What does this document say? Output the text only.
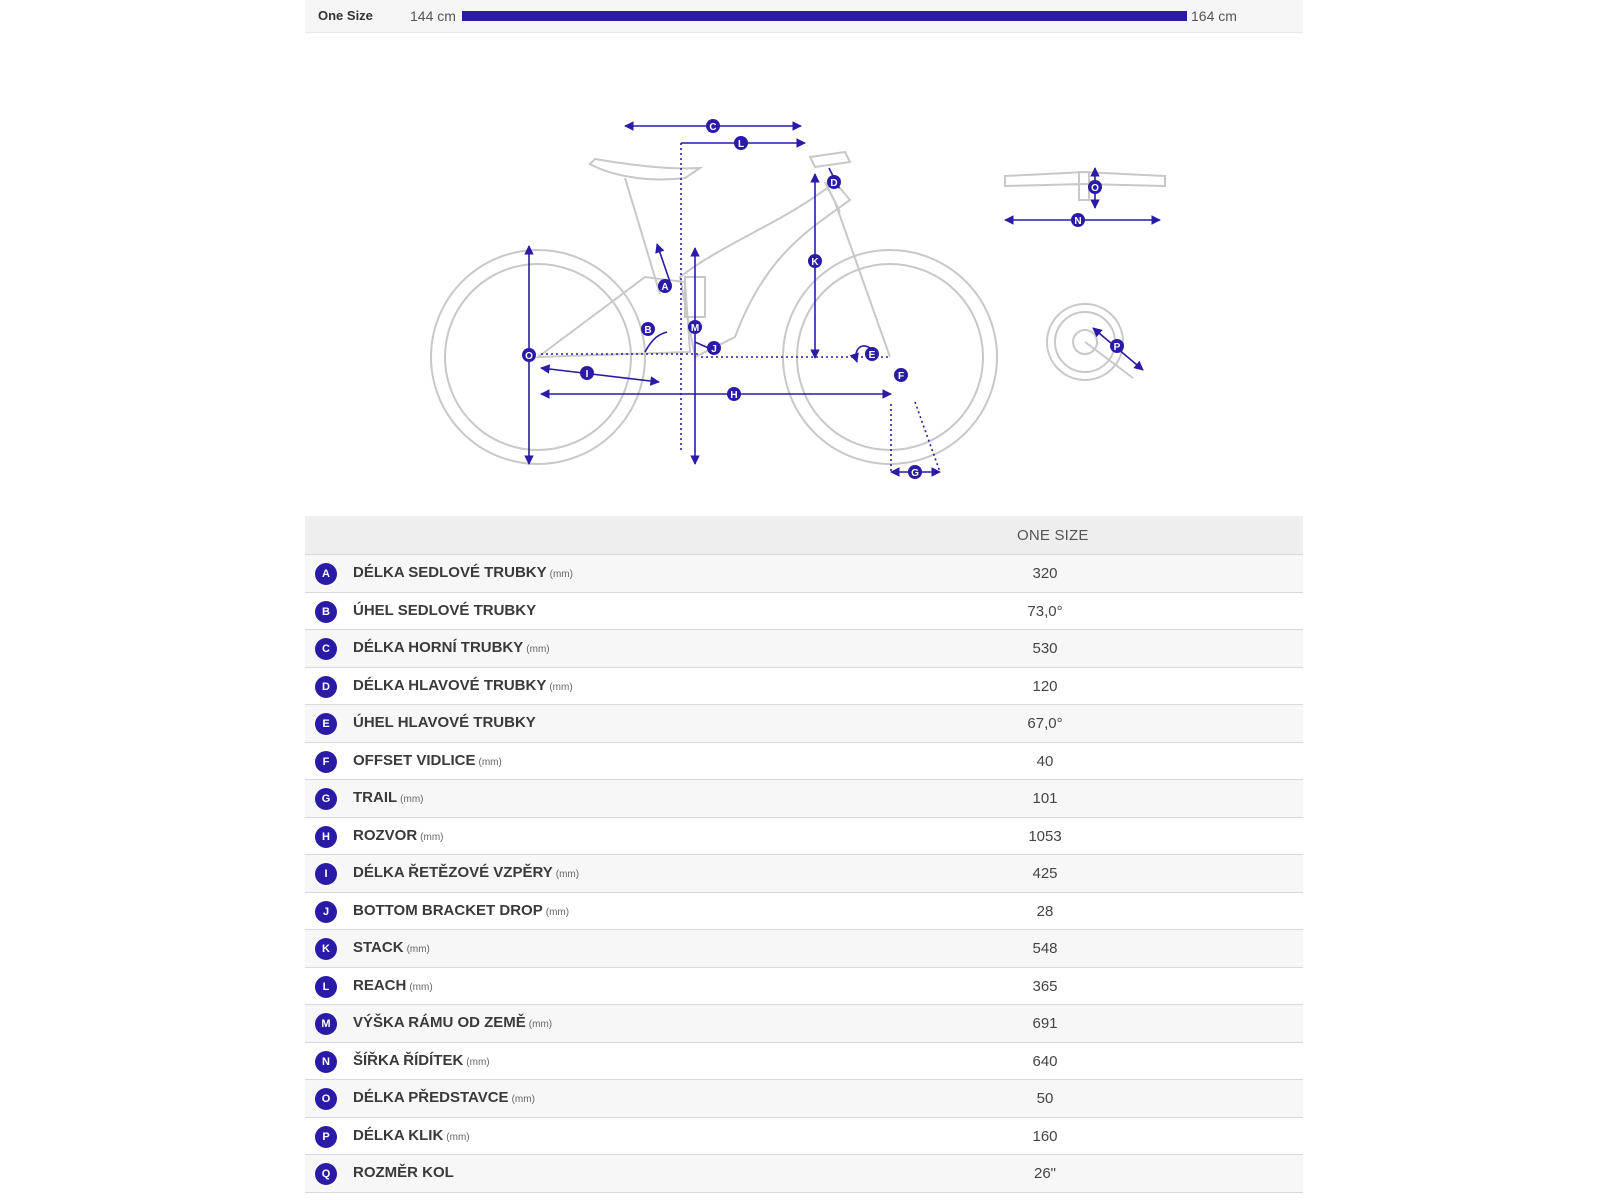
One Size	144 cm	164 cm
C
L
D
K
A
B	M
J
O
I
E
F
H
G
O
N
P
ONE SIZE
A	DÉLKA SEDLOVÉ TRUBKY (mm)	320
B	ÚHEL SEDLOVÉ TRUBKY	73,0°
C	DÉLKA HORNÍ TRUBKY (mm)	530
D	DÉLKA HLAVOVÉ TRUBKY (mm)	120
E	ÚHEL HLAVOVÉ TRUBKY	67,0°
F	OFFSET VIDLICE (mm)	40
G	TRAIL (mm)	101
H	ROZVOR (mm)	1053
I	DÉLKA ŘETĚZOVÉ VZPĚRY (mm)	425
J	BOTTOM BRACKET DROP (mm)	28
K	STACK (mm)	548
L	REACH (mm)	365
M	VÝŠKA RÁMU OD ZEMĚ (mm)	691
N	ŠÍŘKA ŘÍDÍTEK (mm)	640
O	DÉLKA PŘEDSTAVCE (mm)	50
P	DÉLKA KLIK (mm)	160
Q	ROZMĚR KOL	26"
